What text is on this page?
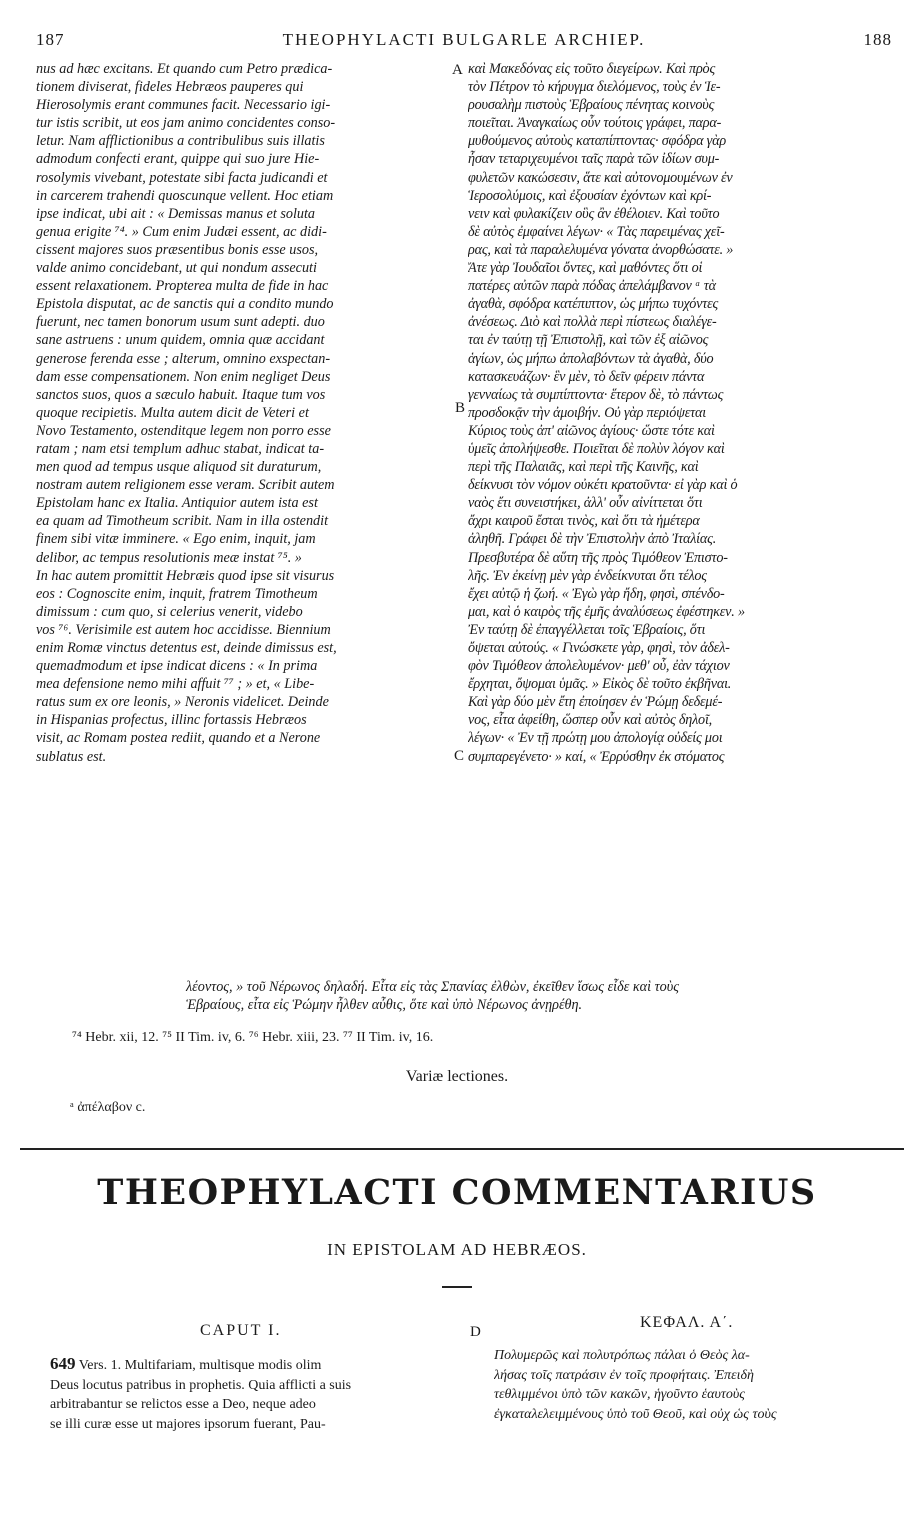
187	THEOPHYLACTI BULGARLE ARCHIEP.	188

nus ad hæc excitans. Et quando cum Petro prædica-

tionem diviserat, fideles Hebræos pauperes qui

Hierosolymis erant communes facit. Necessario igi-

tur istis scribit, ut eos jam animo concidentes conso-

letur. Nam afflictionibus a contribulibus suis illatis

admodum confecti erant, quippe qui suo jure Hie-

rosolymis vivebant, potestate sibi facta judicandi et

in carcerem trahendi quoscunque vellent. Hoc etiam

ipse indicat, ubi ait : « Demissas manus et soluta

genua erigite ⁷⁴. » Cum enim Judæi essent, ac didi-

cissent majores suos præsentibus bonis esse usos,

valde animo concidebant, ut qui nondum assecuti

essent relaxationem. Propterea multa de fide in hac

Epistola disputat, ac de sanctis qui a condito mundo

fuerunt, nec tamen bonorum usum sunt adepti. duo

sane astruens : unum quidem, omnia quæ accidant

generose ferenda esse ; alterum, omnino exspectan-

dam esse compensationem. Non enim negliget Deus

sanctos suos, quos a sæculo habuit. Itaque tum vos

quoque recipietis. Multa autem dicit de Veteri et

Novo Testamento, ostenditque legem non porro esse

ratam ; nam etsi templum adhuc stabat, indicat ta-

men quod ad tempus usque aliquod sit duraturum,

nostram autem religionem esse veram. Scribit autem

Epistolam hanc ex Italia. Antiquior autem ista est

ea quam ad Timotheum scribit. Nam in illa ostendit

finem sibi vitæ imminere. « Ego enim, inquit, jam

delibor, ac tempus resolutionis meæ instat ⁷⁵. »

In hac autem promittit Hebræis quod ipse sit visurus

eos : Cognoscite enim, inquit, fratrem Timotheum

dimissum : cum quo, si celerius venerit, videbo

vos ⁷⁶. Verisimile est autem hoc accidisse. Biennium

enim Romæ vinctus detentus est, deinde dimissus est,

quemadmodum et ipse indicat dicens : « In prima

mea defensione nemo mihi affuit ⁷⁷ ; » et, « Libe-

ratus sum ex ore leonis, » Neronis videlicet. Deinde

in Hispanias profectus, illinc fortassis Hebræos

visit, ac Romam postea rediit, quando et a Nerone

sublatus est.

καὶ Μακεδόνας εἰς τοῦτο διεγείρων. Καὶ πρὸς

τὸν Πέτρον τὸ κήρυγμα διελόμενος, τοὺς ἐν Ἱε-

ρουσαλὴμ πιστοὺς Ἑβραίους πένητας κοινοὺς

ποιεῖται. Ἀναγκαίως οὖν τούτοις γράφει, παρα-

μυθούμενος αὐτοὺς καταπίπτοντας· σφόδρα γὰρ

ἦσαν τεταριχευμένοι ταῖς παρὰ τῶν ἰδίων συμ-

φυλετῶν κακώσεσιν, ἅτε καὶ αὐτονομουμένων ἐν

Ἱεροσολύμοις, καὶ ἐξουσίαν ἐχόντων καὶ κρί-

νειν καὶ φυλακίζειν οὓς ἂν ἐθέλοιεν. Καὶ τοῦτο

δὲ αὐτὸς ἐμφαίνει λέγων· « Τὰς παρειμένας χεῖ-

ρας, καὶ τὰ παραλελυμένα γόνατα ἀνορθώσατε. »

Ἅτε γὰρ Ἰουδαῖοι ὄντες, καὶ μαθόντες ὅτι οἱ

πατέρες αὐτῶν παρὰ πόδας ἀπελάμβανον ᵃ τὰ

ἀγαθὰ, σφόδρα κατέπιπτον, ὡς μήπω τυχόντες

ἀνέσεως. Διὸ καὶ πολλὰ περὶ πίστεως διαλέγε-

ται ἐν ταύτῃ τῇ Ἐπιστολῇ, καὶ τῶν ἐξ αἰῶνος

ἁγίων, ὡς μήπω ἀπολαβόντων τὰ ἀγαθὰ, δύο

κατασκευάζων· ἓν μὲν, τὸ δεῖν φέρειν πάντα

γενναίως τὰ συμπίπτοντα· ἕτερον δὲ, τὸ πάντως

προσδοκᾷν τὴν ἀμοιβήν. Οὐ γὰρ περιόψεται

Κύριος τοὺς ἀπ' αἰῶνος ἁγίους· ὥστε τότε καὶ

ὑμεῖς ἀπολήψεσθε. Ποιεῖται δὲ πολὺν λόγον καὶ

περὶ τῆς Παλαιᾶς, καὶ περὶ τῆς Καινῆς, καὶ

δείκνυσι τὸν νόμον οὐκέτι κρατοῦντα· εἰ γὰρ καὶ ὁ

ναὸς ἔτι συνειστήκει, ἀλλ' οὖν αἰνίττεται ὅτι

ἄχρι καιροῦ ἔσται τινὸς, καὶ ὅτι τὰ ἡμέτερα

ἀληθῆ. Γράφει δὲ τὴν Ἐπιστολὴν ἀπὸ Ἰταλίας.

Πρεσβυτέρα δὲ αὕτη τῆς πρὸς Τιμόθεον Ἐπιστο-

λῆς. Ἐν ἐκείνῃ μὲν γὰρ ἐνδείκνυται ὅτι τέλος

ἔχει αὐτῷ ἡ ζωή. « Ἐγὼ γὰρ ἤδη, φησὶ, σπένδο-

μαι, καὶ ὁ καιρὸς τῆς ἐμῆς ἀναλύσεως ἐφέστηκεν. »

Ἐν ταύτῃ δὲ ἐπαγγέλλεται τοῖς Ἑβραίοις, ὅτι

ὄψεται αὐτούς. « Γινώσκετε γὰρ, φησὶ, τὸν ἀδελ-

φὸν Τιμόθεον ἀπολελυμένον· μεθ' οὗ, ἐὰν τάχιον

ἔρχηται, ὄψομαι ὑμᾶς. » Εἰκὸς δὲ τοῦτο ἐκβῆναι.

Καὶ γὰρ δύο μὲν ἔτη ἐποίησεν ἐν Ῥώμῃ δεδεμέ-

νος, εἶτα ἀφείθη, ὥσπερ οὖν καὶ αὐτὸς δηλοῖ,

λέγων· « Ἐν τῇ πρώτῃ μου ἀπολογίᾳ οὐδείς μοι

συμπαρεγένετο· » καί, « Ἐρρύσθην ἐκ στόματος

A
B
C

λέοντος, » τοῦ Νέρωνος δηλαδή. Εἶτα εἰς τὰς Σπανίας ἐλθὼν, ἐκεῖθεν ἴσως εἶδε καὶ τοὺς

Ἑβραίους, εἶτα εἰς Ῥώμην ἦλθεν αὖθις, ὅτε καὶ ὑπὸ Νέρωνος ἀνῃρέθη.

⁷⁴ Hebr. xii, 12. ⁷⁵ II Tim. iv, 6. ⁷⁶ Hebr. xiii, 23. ⁷⁷ II Tim. iv, 16.
Variæ lectiones.
ᵃ ἀπέλαβον c.
THEOPHYLACTI COMMENTARIUS
IN EPISTOLAM AD HEBRÆOS.
CAPUT I.	D
ΚΕΦΑΛ. Α΄.

649 Vers. 1. Multifariam, multisque modis olim

Deus locutus patribus in prophetis. Quia afflicti a suis

arbitrabantur se relictos esse a Deo, neque adeo

se illi curæ esse ut majores ipsorum fuerant, Pau-

Πολυμερῶς καὶ πολυτρόπως πάλαι ὁ Θεὸς λα-

λήσας τοῖς πατράσιν ἐν τοῖς προφήταις. Ἐπειδὴ

τεθλιμμένοι ὑπὸ τῶν κακῶν, ἡγοῦντο ἑαυτοὺς

ἐγκαταλελειμμένους ὑπὸ τοῦ Θεοῦ, καὶ οὐχ ὡς τοὺς
